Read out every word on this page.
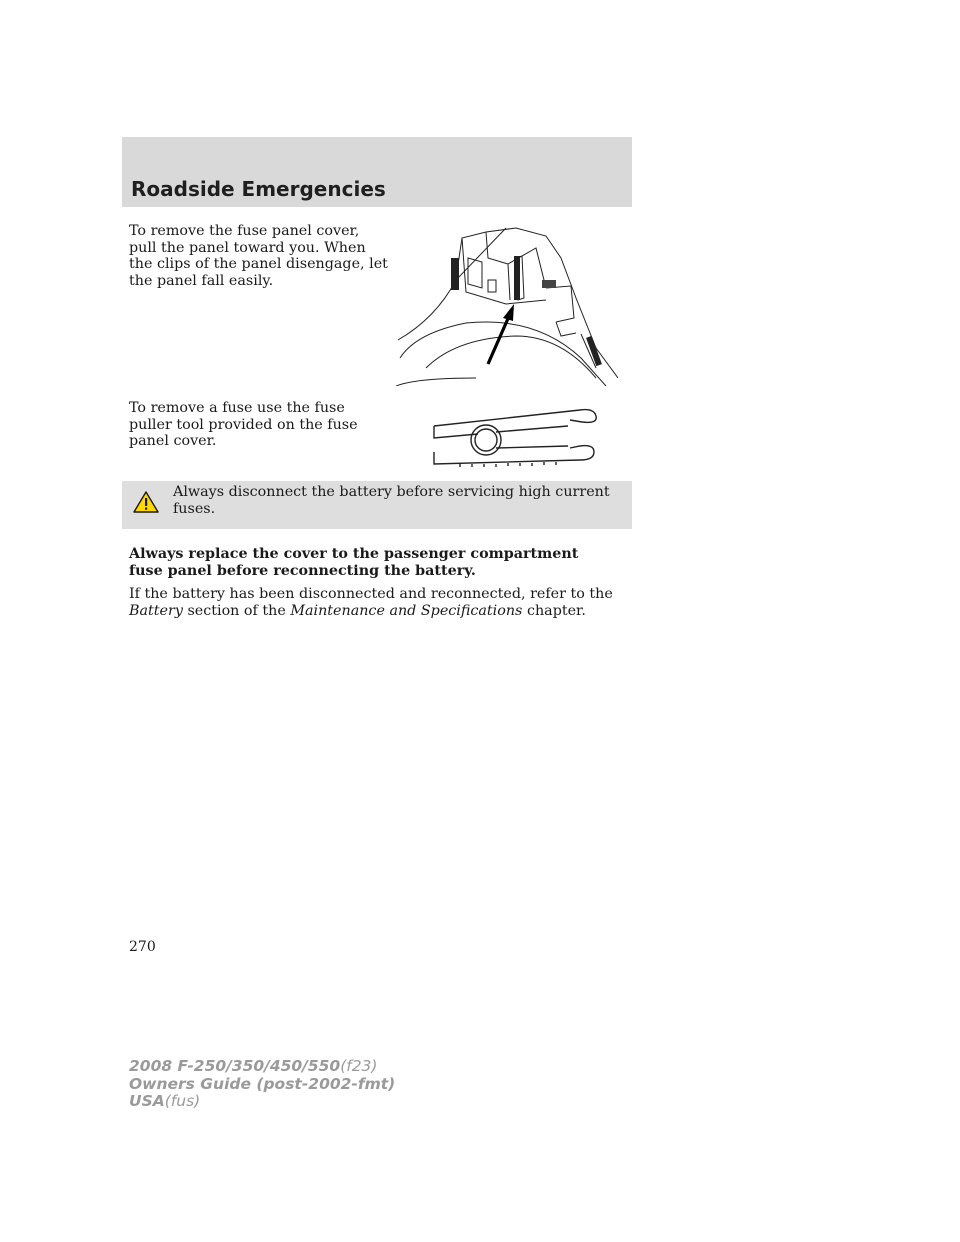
Roadside Emergencies

To remove the fuse panel cover, pull the panel toward you. When the clips of the panel disengage, let the panel fall easily.

To remove a fuse use the fuse puller tool provided on the fuse panel cover.

Always disconnect the battery before servicing high current fuses.

Always replace the cover to the passenger compartment fuse panel before reconnecting the battery.

If the battery has been disconnected and reconnected, refer to the
Battery section of the Maintenance and Specifications chapter.

270
2008 F-250/350/450/550(f23)
Owners Guide (post-2002-fmt)
USA(fus)
